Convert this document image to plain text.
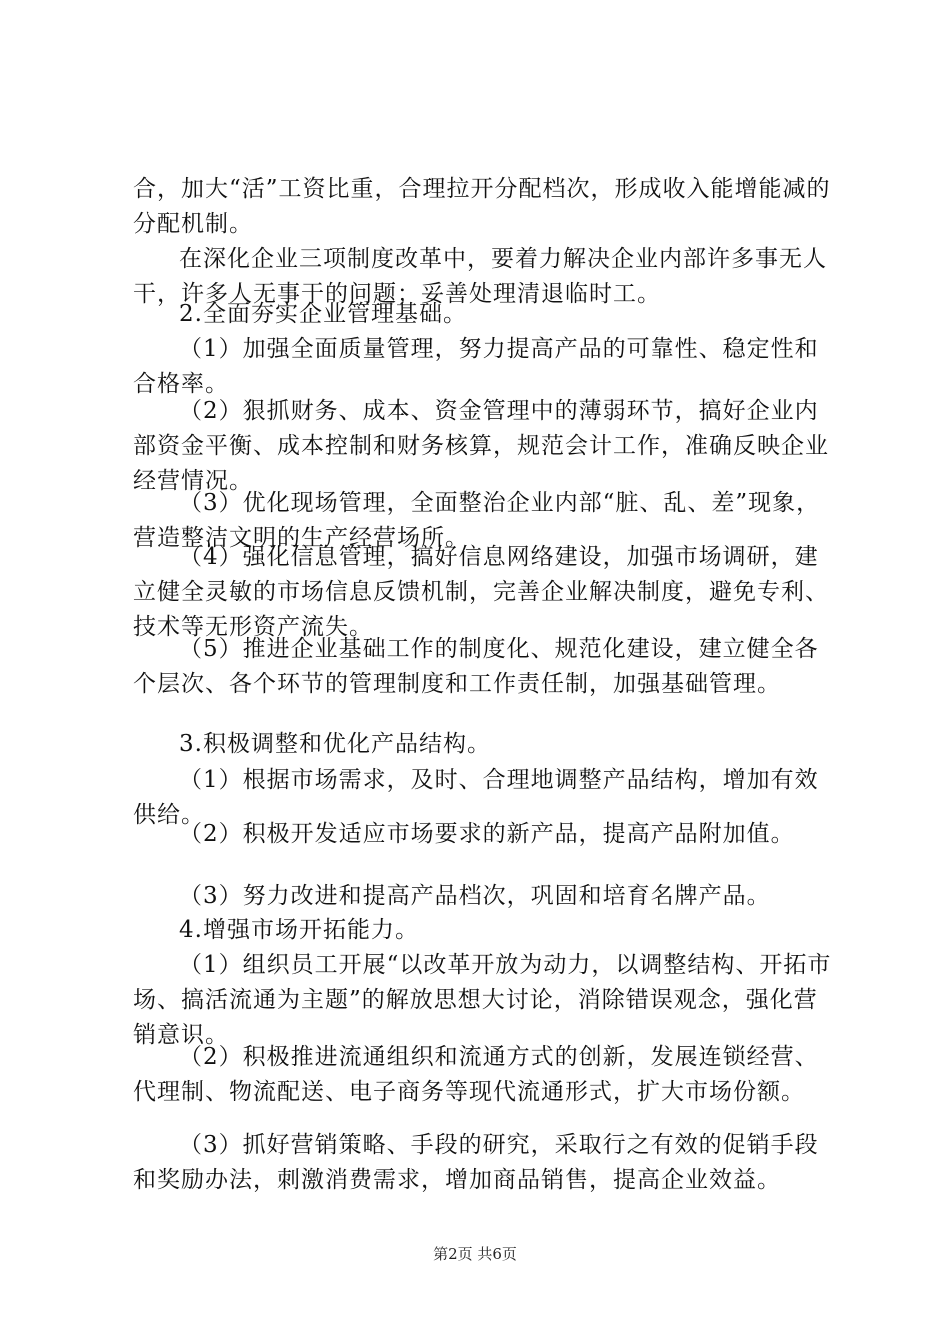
合，加大“活”工资比重，合理拉开分配档次，形成收入能增能减的分配机制。

在深化企业三项制度改革中，要着力解决企业内部许多事无人干，许多人无事干的问题；妥善处理清退临时工。

2.全面夯实企业管理基础。

（1）加强全面质量管理，努力提高产品的可靠性、稳定性和合格率。

（2）狠抓财务、成本、资金管理中的薄弱环节，搞好企业内部资金平衡、成本控制和财务核算，规范会计工作，准确反映企业经营情况。

（3）优化现场管理，全面整治企业内部“脏、乱、差”现象，营造整洁文明的生产经营场所。

（4）强化信息管理，搞好信息网络建设，加强市场调研，建立健全灵敏的市场信息反馈机制，完善企业解决制度，避免专利、技术等无形资产流失。

（5）推进企业基础工作的制度化、规范化建设，建立健全各个层次、各个环节的管理制度和工作责任制，加强基础管理。

3.积极调整和优化产品结构。

（1）根据市场需求，及时、合理地调整产品结构，增加有效供给。

（2）积极开发适应市场要求的新产品，提高产品附加值。

（3）努力改进和提高产品档次，巩固和培育名牌产品。

4.增强市场开拓能力。

（1）组织员工开展“以改革开放为动力，以调整结构、开拓市场、搞活流通为主题”的解放思想大讨论，消除错误观念，强化营销意识。

（2）积极推进流通组织和流通方式的创新，发展连锁经营、代理制、物流配送、电子商务等现代流通形式，扩大市场份额。

（3）抓好营销策略、手段的研究，采取行之有效的促销手段和奖励办法，刺激消费需求，增加商品销售，提高企业效益。

第2页 共6页
